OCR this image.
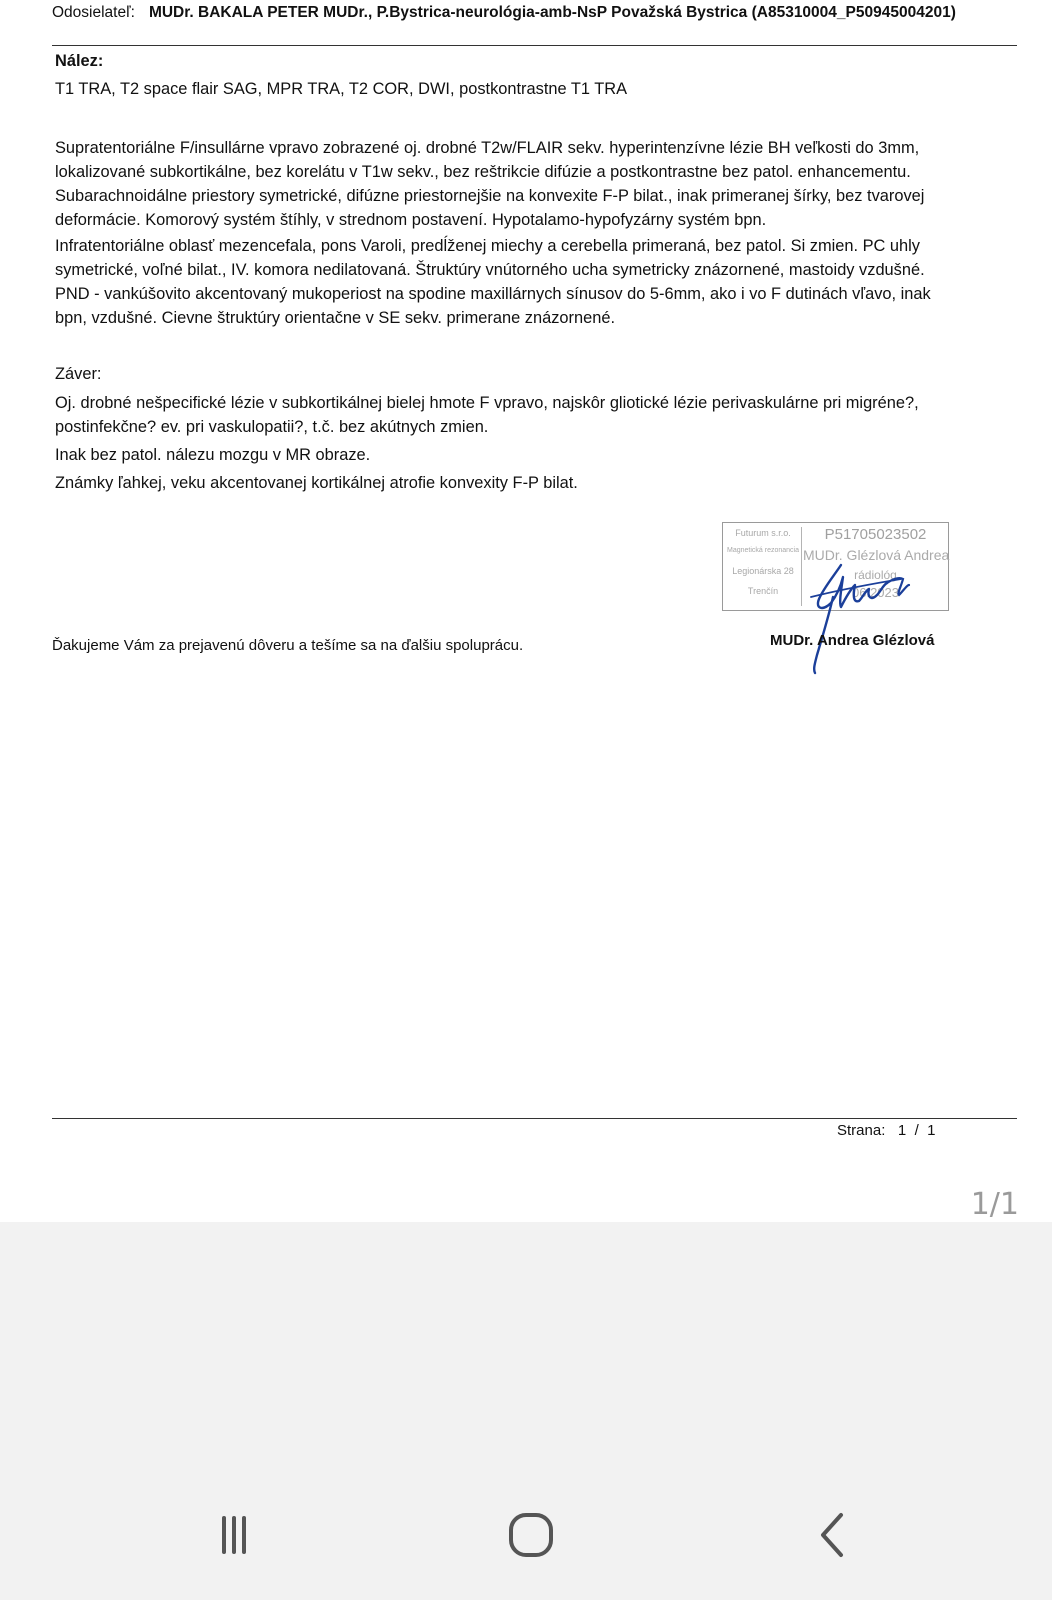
Odosielateľ: MUDr. BAKALA PETER MUDr., P.Bystrica-neurológia-amb-NsP Považská Bystrica (A85310004_P50945004201)
Nález:
T1 TRA, T2 space flair SAG, MPR TRA, T2 COR, DWI, postkontrastne T1 TRA
Supratentoriálne F/insullárne vpravo zobrazené oj. drobné T2w/FLAIR sekv. hyperintenzívne lézie BH veľkosti do 3mm,
lokalizované subkortikálne, bez korelátu v T1w sekv., bez reštrikcie difúzie a postkontrastne bez patol. enhancementu.
Subarachnoidálne priestory symetrické, difúzne priestornejšie na konvexite F-P bilat., inak primeranej šírky, bez tvarovej
deformácie. Komorový systém štíhly, v strednom postavení. Hypotalamo-hypofyzárny systém bpn.
Infratentoriálne oblasť mezencefala, pons Varoli, predĺženej miechy a cerebella primeraná, bez patol. Si zmien. PC uhly
symetrické, voľné bilat., IV. komora nedilatovaná. Štruktúry vnútorného ucha symetricky znázornené, mastoidy vzdušné.
PND - vankúšovito akcentovaný mukoperiost na spodine maxillárnych sínusov do 5-6mm, ako i vo F dutinách vľavo, inak
bpn, vzdušné. Cievne štruktúry orientačne v SE sekv. primerane znázornené.
Záver:
Oj. drobné nešpecifické lézie v subkortikálnej bielej hmote F vpravo, najskôr gliotické lézie perivaskulárne pri migréne?,
postinfekčne? ev. pri vaskulopatii?, t.č. bez akútnych zmien.
Inak bez patol. nálezu mozgu v MR obraze.
Známky ľahkej, veku akcentovanej kortikálnej atrofie konvexity F-P bilat.
Futurum s.r.o.
Magnetická rezonancia
Legionárska 28
Trenčín
P51705023502
MUDr. Glézlová Andrea
rádiológ
06.2023
MUDr. Andrea Glézlová
Ďakujeme Vám za prejavenú dôveru a tešíme sa na ďalšiu spoluprácu.
Strana: 1  /  1
1/1
